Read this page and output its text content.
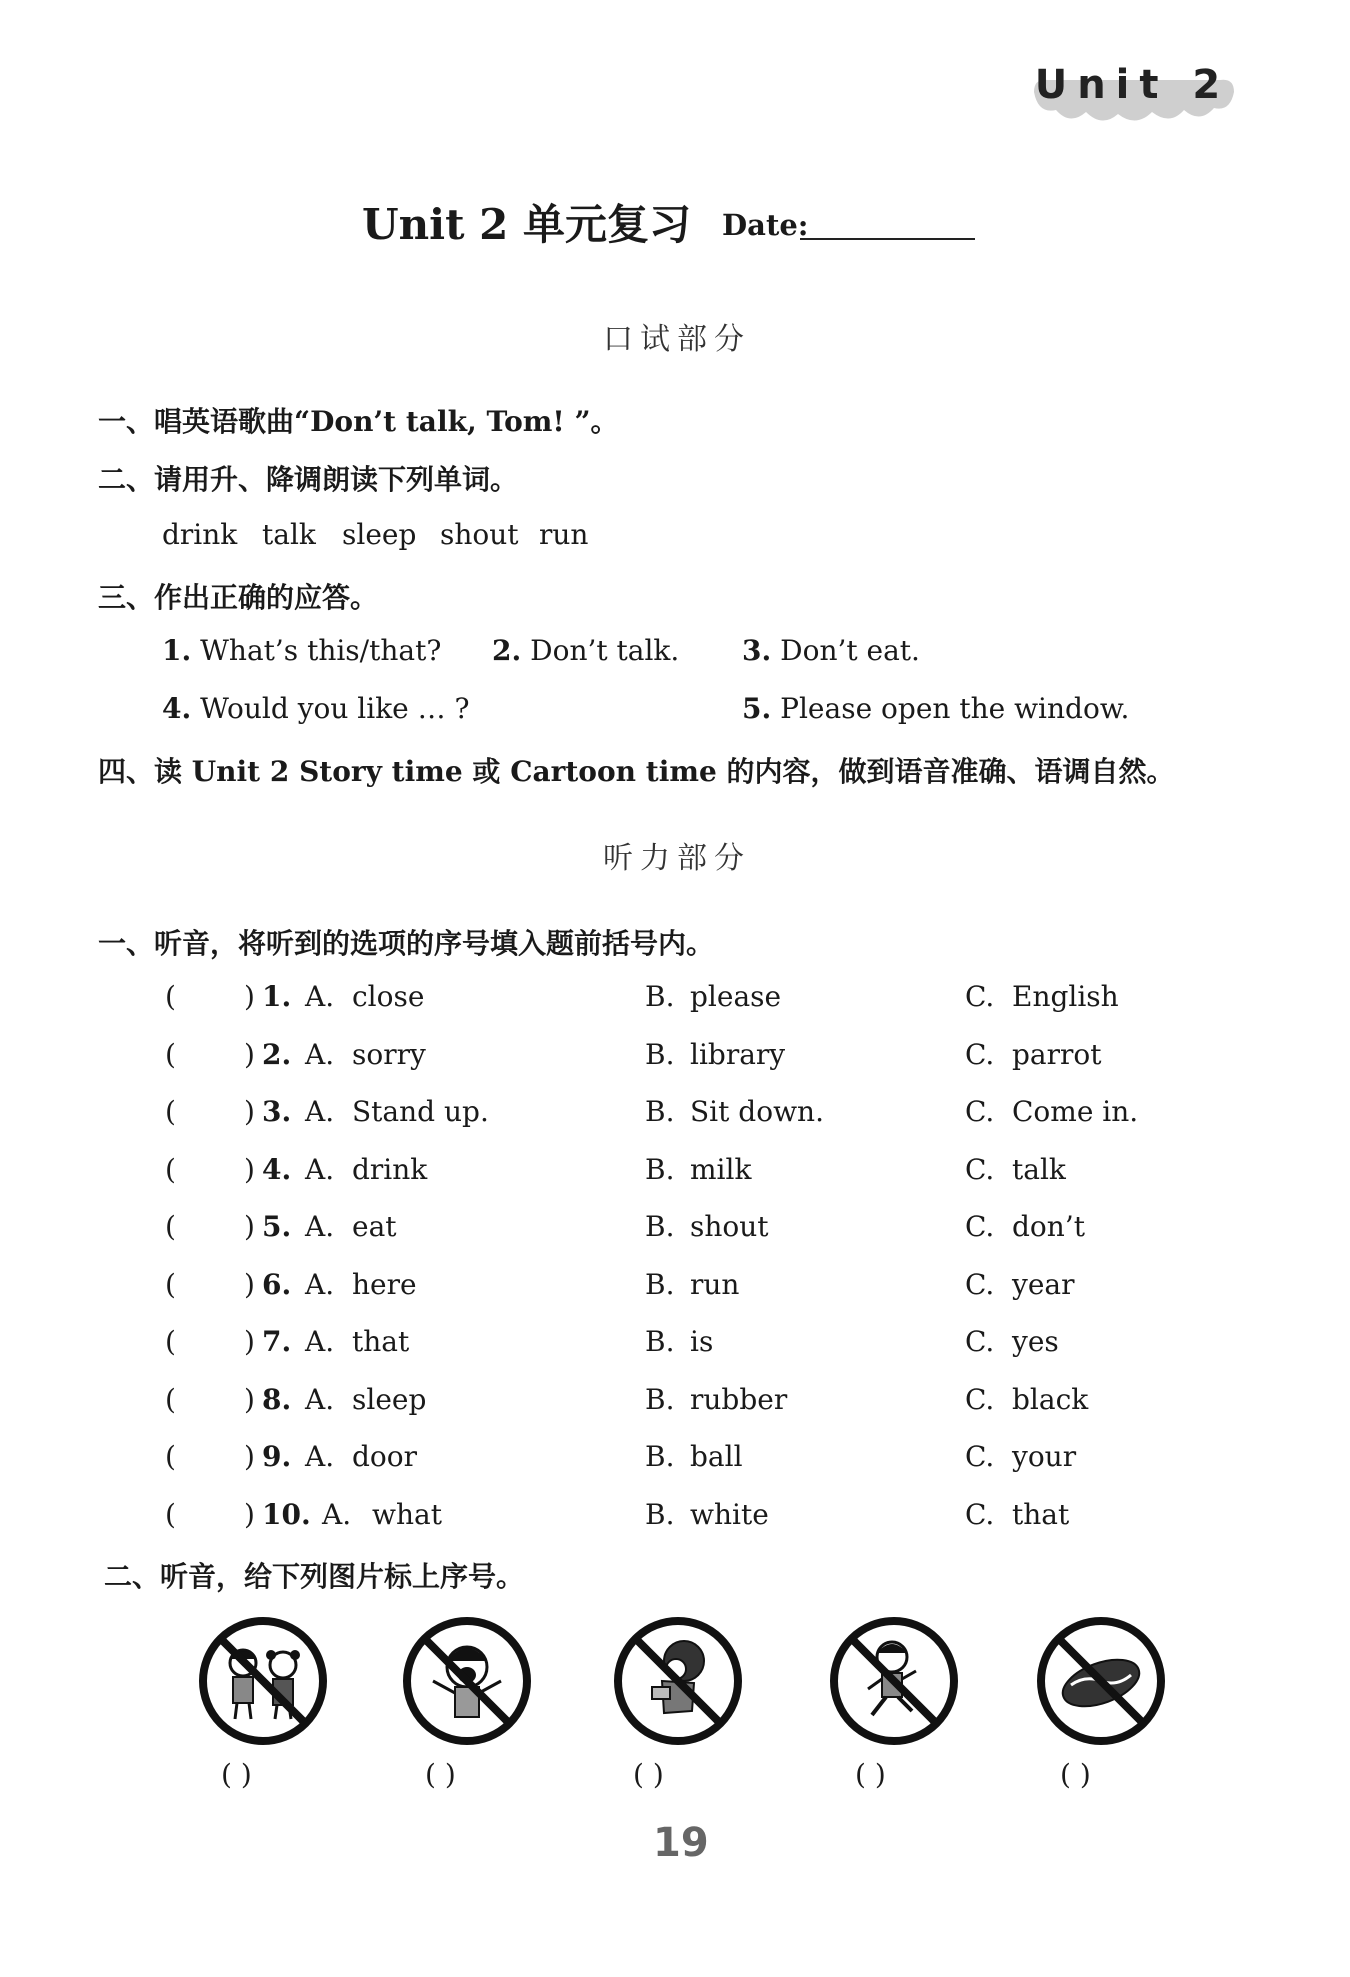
Unit 2
Unit 2 单元复习 Date:
口试部分
一、唱英语歌曲“Don’t talk, Tom! ”。
二、请用升、降调朗读下列单词。
drink talk sleep shout run
三、作出正确的应答。
1. What’s this/that? 2. Don’t talk. 3. Don’t eat.
4. Would you like … ?	5. Please open the window.
四、读 Unit 2 Story time 或 Cartoon time 的内容，做到语音准确、语调自然。
听力部分
一、听音，将听到的选项的序号填入题前括号内。
( ) 1. A. close	B. please	C. English
( ) 2. A. sorry	B. library	C. parrot
( ) 3. A. Stand up.	B. Sit down.	C. Come in.
( ) 4. A. drink	B. milk	C. talk
( ) 5. A. eat	B. shout	C. don’t
( ) 6. A. here	B. run	C. year
( ) 7. A. that	B. is	C. yes
( ) 8. A. sleep	B. rubber	C. black
( ) 9. A. door	B. ball	C. your
( ) 10. A. what	B. white	C. that
二、听音，给下列图片标上序号。
( )	( )	( )	( )	( )
19
